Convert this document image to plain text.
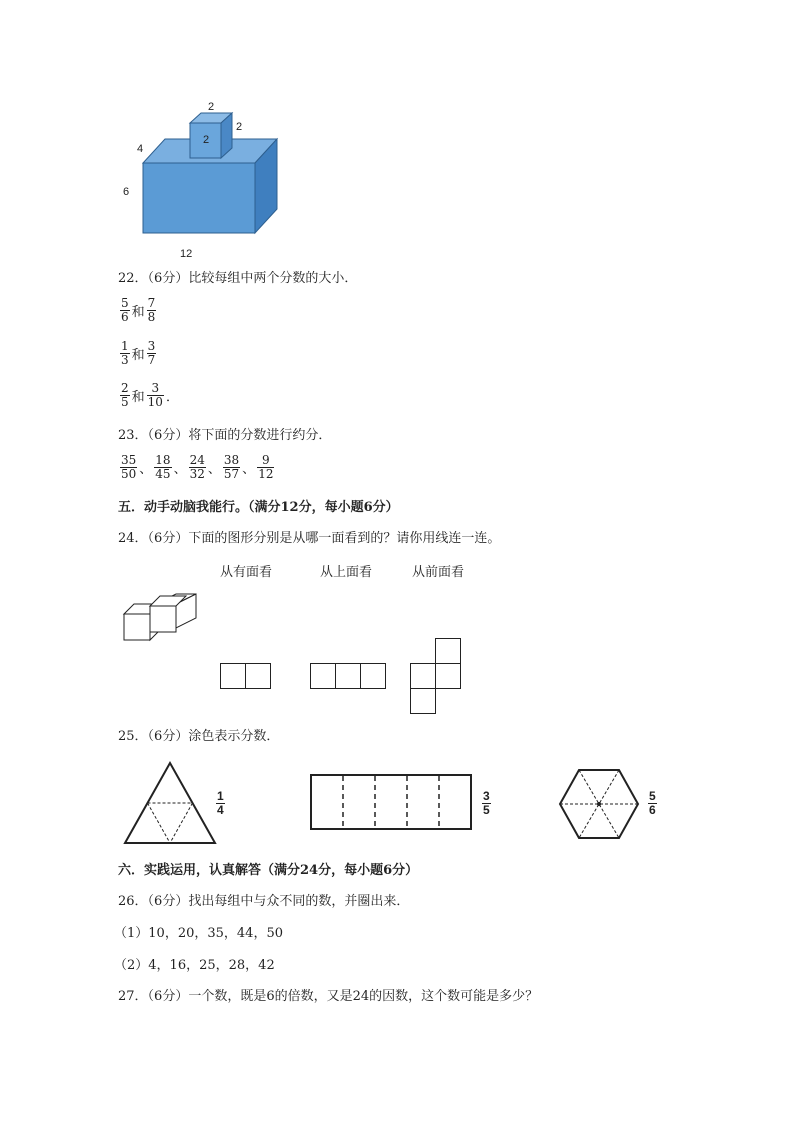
2
2
2
4
6
12
22．（6分）比较每组中两个分数的大小．
$\frac{5}{6}$ 和 $\frac{7}{8}$
$\frac{1}{3}$ 和 $\frac{3}{7}$
$\frac{2}{5}$ 和 $\frac{3}{10}$ ．
23．（6分）将下面的分数进行约分．
$\frac{35}{50}$ 、 $\frac{18}{45}$ 、 $\frac{24}{32}$ 、 $\frac{38}{57}$ 、 $\frac{9}{12}$
五．动手动脑我能行。（满分12分，每小题6分）
24．（6分）下面的图形分别是从哪一面看到的？请你用线连一连。
从有面看	从上面看	从前面看
25．（6分）涂色表示分数．
$\frac{1}{4}$	$\frac{3}{5}$	$\frac{5}{6}$
六．实践运用，认真解答（满分24分，每小题6分）
26．（6分）找出每组中与众不同的数，并圈出来．
（1）10，20，35，44，50
（2）4，16，25，28，42
27．（6分）一个数，既是6的倍数，又是24的因数，这个数可能是多少？
